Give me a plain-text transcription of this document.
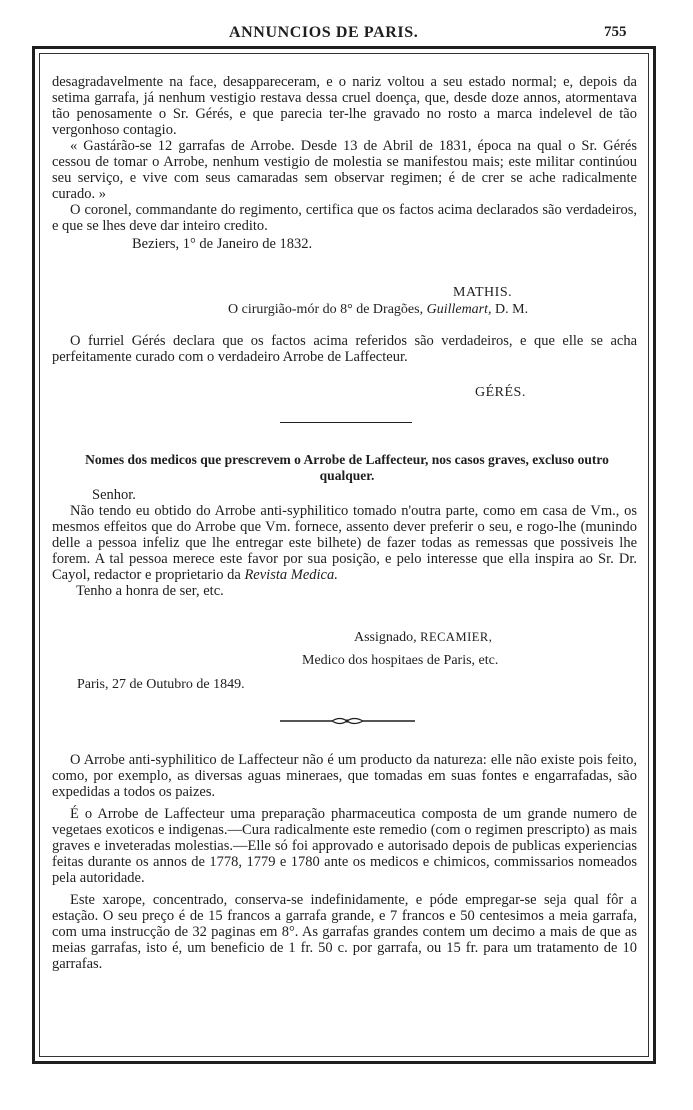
ANNUNCIOS DE PARIS.	755

desagradavelmente na face, desappareceram, e o nariz voltou a seu estado normal; e, depois da setima garrafa, já nenhum vestigio restava dessa cruel doença, que, desde doze annos, atormentava tão penosamente o Sr. Gérés, e que parecia ter-lhe gravado no rosto a marca indelevel de tão vergonhoso contagio.

« Gastárão-se 12 garrafas de Arrobe. Desde 13 de Abril de 1831, época na qual o Sr. Gérés cessou de tomar o Arrobe, nenhum vestigio de molestia se manifestou mais; este militar continúou seu serviço, e vive com seus camaradas sem observar regimen; é de crer se ache radicalmente curado. »

O coronel, commandante do regimento, certifica que os factos acima declarados são verdadeiros, e que se lhes deve dar inteiro credito.

Beziers, 1° de Janeiro de 1832.

MATHIS.
O cirurgião-mór do 8° de Dragões, Guillemart, D. M.

O furriel Gérés declara que os factos acima referidos são verdadeiros, e que elle se acha perfeitamente curado com o verdadeiro Arrobe de Laffecteur.

GÉRÉS.
Nomes dos medicos que prescrevem o Arrobe de Laffecteur, nos casos graves, excluso outro qualquer.

Senhor.

Não tendo eu obtido do Arrobe anti-syphilitico tomado n'outra parte, como em casa de Vm., os mesmos effeitos que do Arrobe que Vm. fornece, assento dever preferir o seu, e rogo-lhe (munindo delle a pessoa infeliz que lhe entregar este bilhete) de fazer todas as remessas que possiveis lhe forem. A tal pessoa merece este favor por sua posição, e pelo interesse que ella inspira ao Sr. Dr. Cayol, redactor e proprietario da Revista Medica.

Tenho a honra de ser, etc.

Assignado, RECAMIER,
Medico dos hospitaes de Paris, etc.
Paris, 27 de Outubro de 1849.

O Arrobe anti-syphilitico de Laffecteur não é um producto da natureza: elle não existe pois feito, como, por exemplo, as diversas aguas mineraes, que tomadas em suas fontes e engarrafadas, são expedidas a todos os paizes.

É o Arrobe de Laffecteur uma preparação pharmaceutica composta de um grande numero de vegetaes exoticos e indigenas.—Cura radicalmente este remedio (com o regimen prescripto) as mais graves e inveteradas molestias.—Elle só foi approvado e autorisado depois de publicas experiencias feitas durante os annos de 1778, 1779 e 1780 ante os medicos e chimicos, commissarios nomeados pela autoridade.

Este xarope, concentrado, conserva-se indefinidamente, e póde empregar-se seja qual fôr a estação. O seu preço é de 15 francos a garrafa grande, e 7 francos e 50 centesimos a meia garrafa, com uma instrucção de 32 paginas em 8°. As garrafas grandes contem um decimo a mais de que as meias garrafas, isto é, um beneficio de 1 fr. 50 c. por garrafa, ou 15 fr. para um tratamento de 10 garrafas.
